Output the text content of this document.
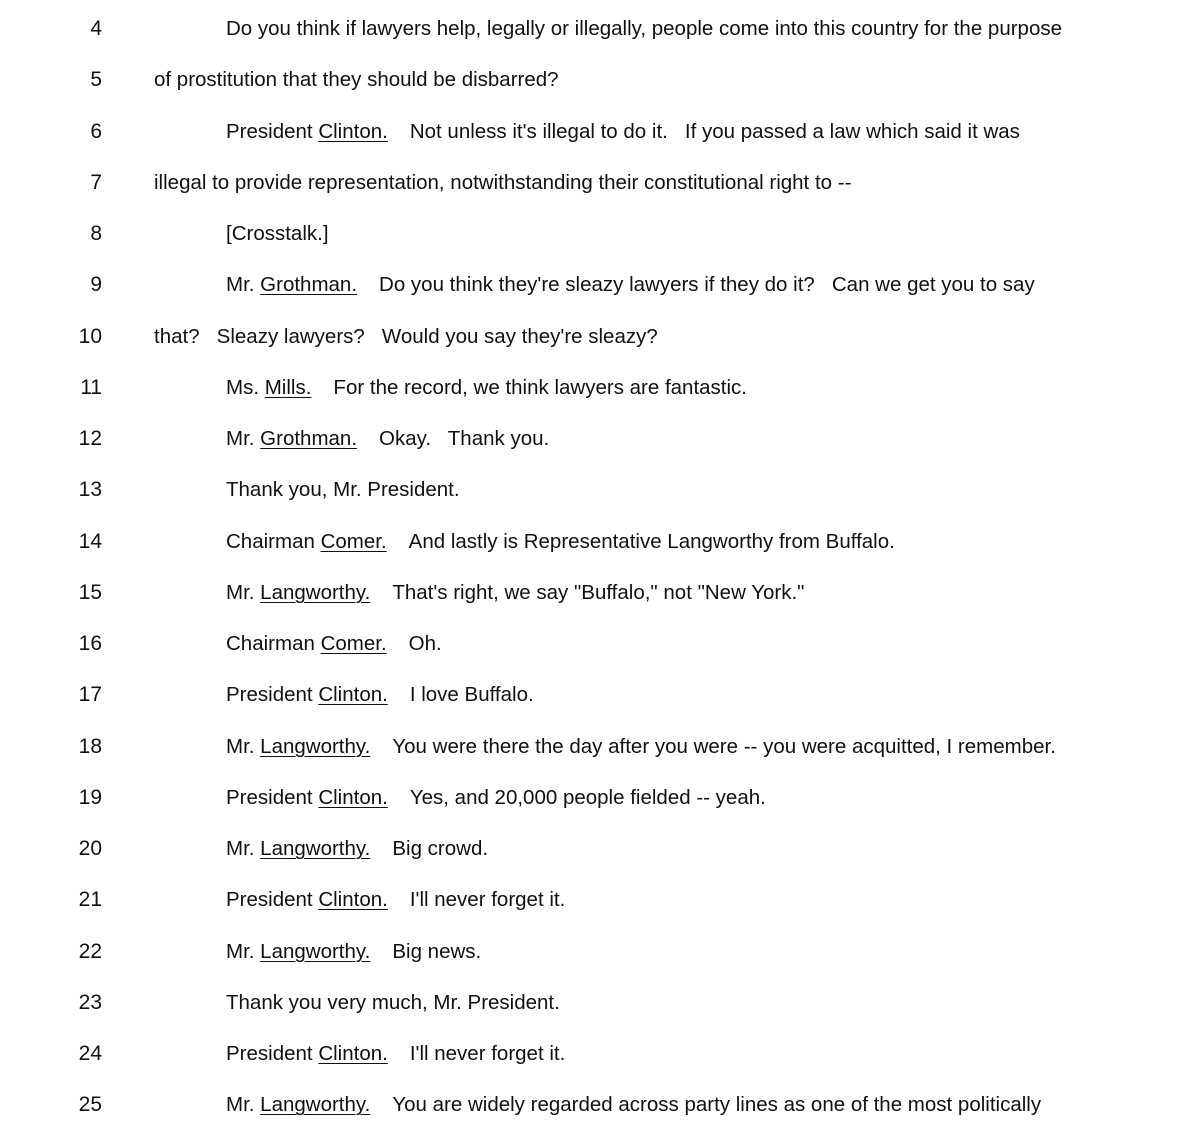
4	Do you think if lawyers help, legally or illegally, people come into this country for the purpose
5	of prostitution that they should be disbarred?
6	President Clinton. Not unless it's illegal to do it.   If you passed a law which said it was
7	illegal to provide representation, notwithstanding their constitutional right to --
8	[Crosstalk.]
9	Mr. Grothman. Do you think they're sleazy lawyers if they do it?   Can we get you to say
10	that?   Sleazy lawyers?   Would you say they're sleazy?
11	Ms. Mills. For the record, we think lawyers are fantastic.
12	Mr. Grothman. Okay.   Thank you.
13	Thank you, Mr. President.
14	Chairman Comer. And lastly is Representative Langworthy from Buffalo.
15	Mr. Langworthy. That's right, we say "Buffalo," not "New York."
16	Chairman Comer. Oh.
17	President Clinton. I love Buffalo.
18	Mr. Langworthy. You were there the day after you were -- you were acquitted, I remember.
19	President Clinton. Yes, and 20,000 people fielded -- yeah.
20	Mr. Langworthy. Big crowd.
21	President Clinton. I'll never forget it.
22	Mr. Langworthy. Big news.
23	Thank you very much, Mr. President.
24	President Clinton. I'll never forget it.
25	Mr. Langworthy. You are widely regarded across party lines as one of the most politically
